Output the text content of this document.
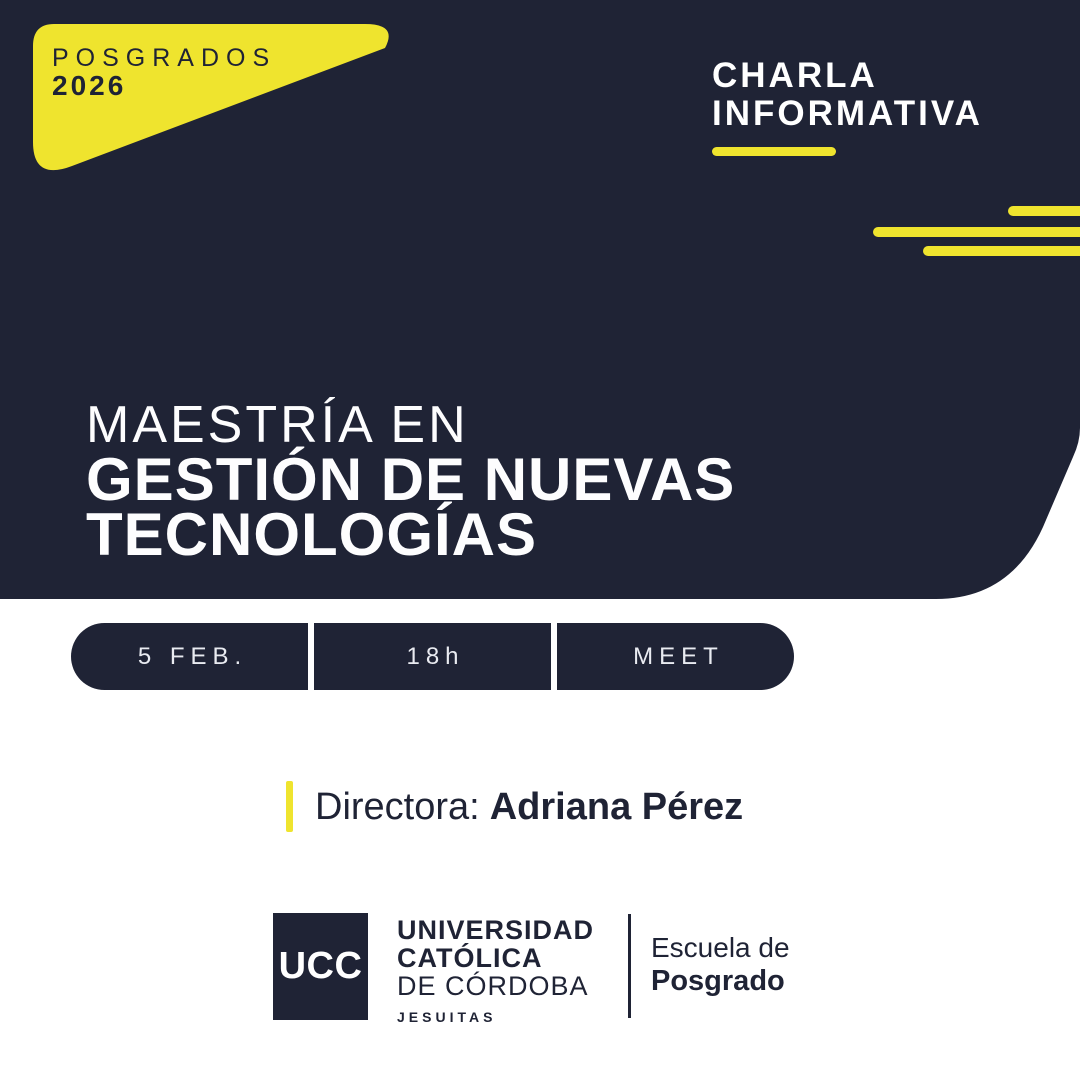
POSGRADOS
2026	CHARLA
INFORMATIVA
MAESTRÍA EN
GESTIÓN DE NUEVAS
TECNOLOGÍAS
5 FEB.	18h	MEET
Directora: Adriana Pérez
UCC
UNIVERSIDAD
CATÓLICA
DE CÓRDOBA
JESUITAS
Escuela de
Posgrado
